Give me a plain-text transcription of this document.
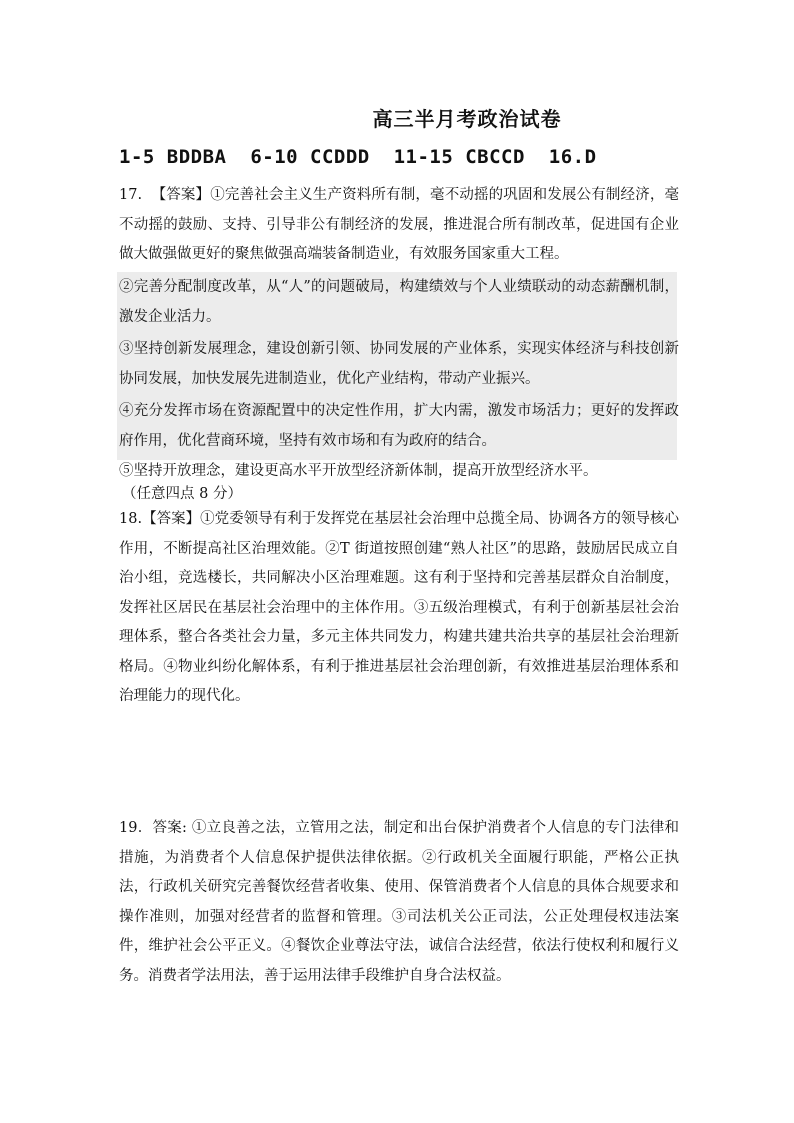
高三半月考政治试卷
1-5 BDDBA  6-10 CCDDD  11-15 CBCCD  16.D

17.  【答案】①完善社会主义生产资料所有制，毫不动摇的巩固和发展公有制经济，毫不动摇的鼓励、支持、引导非公有制经济的发展，推进混合所有制改革，促进国有企业做大做强做更好的聚焦做强高端装备制造业，有效服务国家重大工程。

②完善分配制度改革，从“人”的问题破局，构建绩效与个人业绩联动的动态薪酬机制，激发企业活力。

③坚持创新发展理念，建设创新引领、协同发展的产业体系，实现实体经济与科技创新协同发展，加快发展先进制造业，优化产业结构，带动产业振兴。

④充分发挥市场在资源配置中的决定性作用，扩大内需，激发市场活力；更好的发挥政府作用，优化营商环境，坚持有效市场和有为政府的结合。

⑤坚持开放理念，建设更高水平开放型经济新体制，提高开放型经济水平。
（任意四点 8 分）

18.【答案】①党委领导有利于发挥党在基层社会治理中总揽全局、协调各方的领导核心作用，不断提高社区治理效能。②T 街道按照创建“熟人社区”的思路，鼓励居民成立自治小组，竞选楼长，共同解决小区治理难题。这有利于坚持和完善基层群众自治制度，发挥社区居民在基层社会治理中的主体作用。③五级治理模式，有利于创新基层社会治理体系，整合各类社会力量，多元主体共同发力，构建共建共治共享的基层社会治理新格局。④物业纠纷化解体系，有利于推进基层社会治理创新，有效推进基层治理体系和治理能力的现代化。

19．答案: ①立良善之法，立管用之法，制定和出台保护消费者个人信息的专门法律和措施，为消费者个人信息保护提供法律依据。②行政机关全面履行职能，严格公正执法，行政机关研究完善餐饮经营者收集、使用、保管消费者个人信息的具体合规要求和操作准则，加强对经营者的监督和管理。③司法机关公正司法，公正处理侵权违法案件，维护社会公平正义。④餐饮企业尊法守法，诚信合法经营，依法行使权利和履行义务。消费者学法用法，善于运用法律手段维护自身合法权益。
